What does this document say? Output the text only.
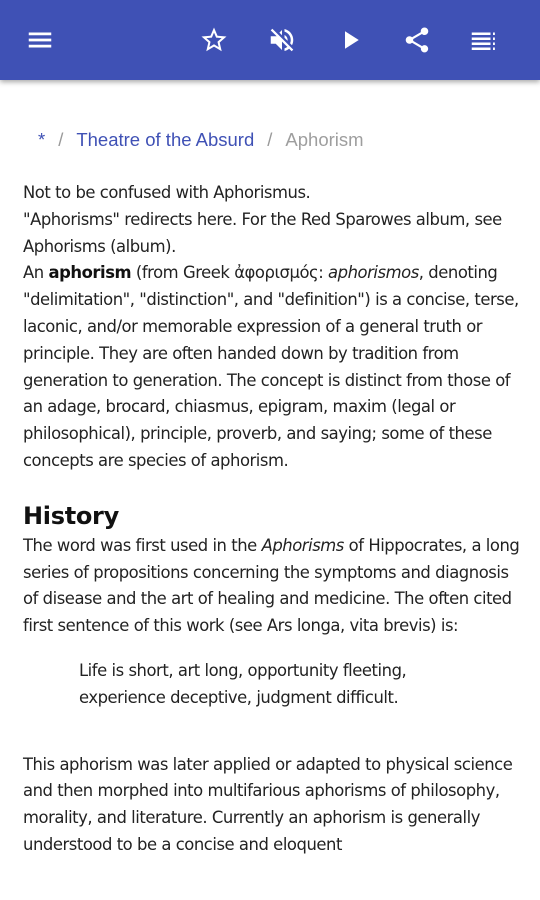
* / Theatre of the Absurd / Aphorism

Not to be confused with Aphorismus.

"Aphorisms" redirects here. For the Red Sparowes album, see Aphorisms (album).

An aphorism (from Greek ἀφορισμός: aphorismos, denoting "delimitation", "distinction", and "definition") is a concise, terse, laconic, and/or memorable expression of a general truth or principle. They are often handed down by tradition from generation to generation. The concept is distinct from those of an adage, brocard, chiasmus, epigram, maxim (legal or philosophical), principle, proverb, and saying; some of these concepts are species of aphorism.

History

The word was first used in the Aphorisms of Hippocrates, a long series of propositions concerning the symptoms and diagnosis of disease and the art of healing and medicine. The often cited first sentence of this work (see Ars longa, vita brevis) is:

Life is short, art long, opportunity fleeting, experience deceptive, judgment difficult.

This aphorism was later applied or adapted to physical science and then morphed into multifarious aphorisms of philosophy, morality, and literature. Currently an aphorism is generally understood to be a concise and eloquent
